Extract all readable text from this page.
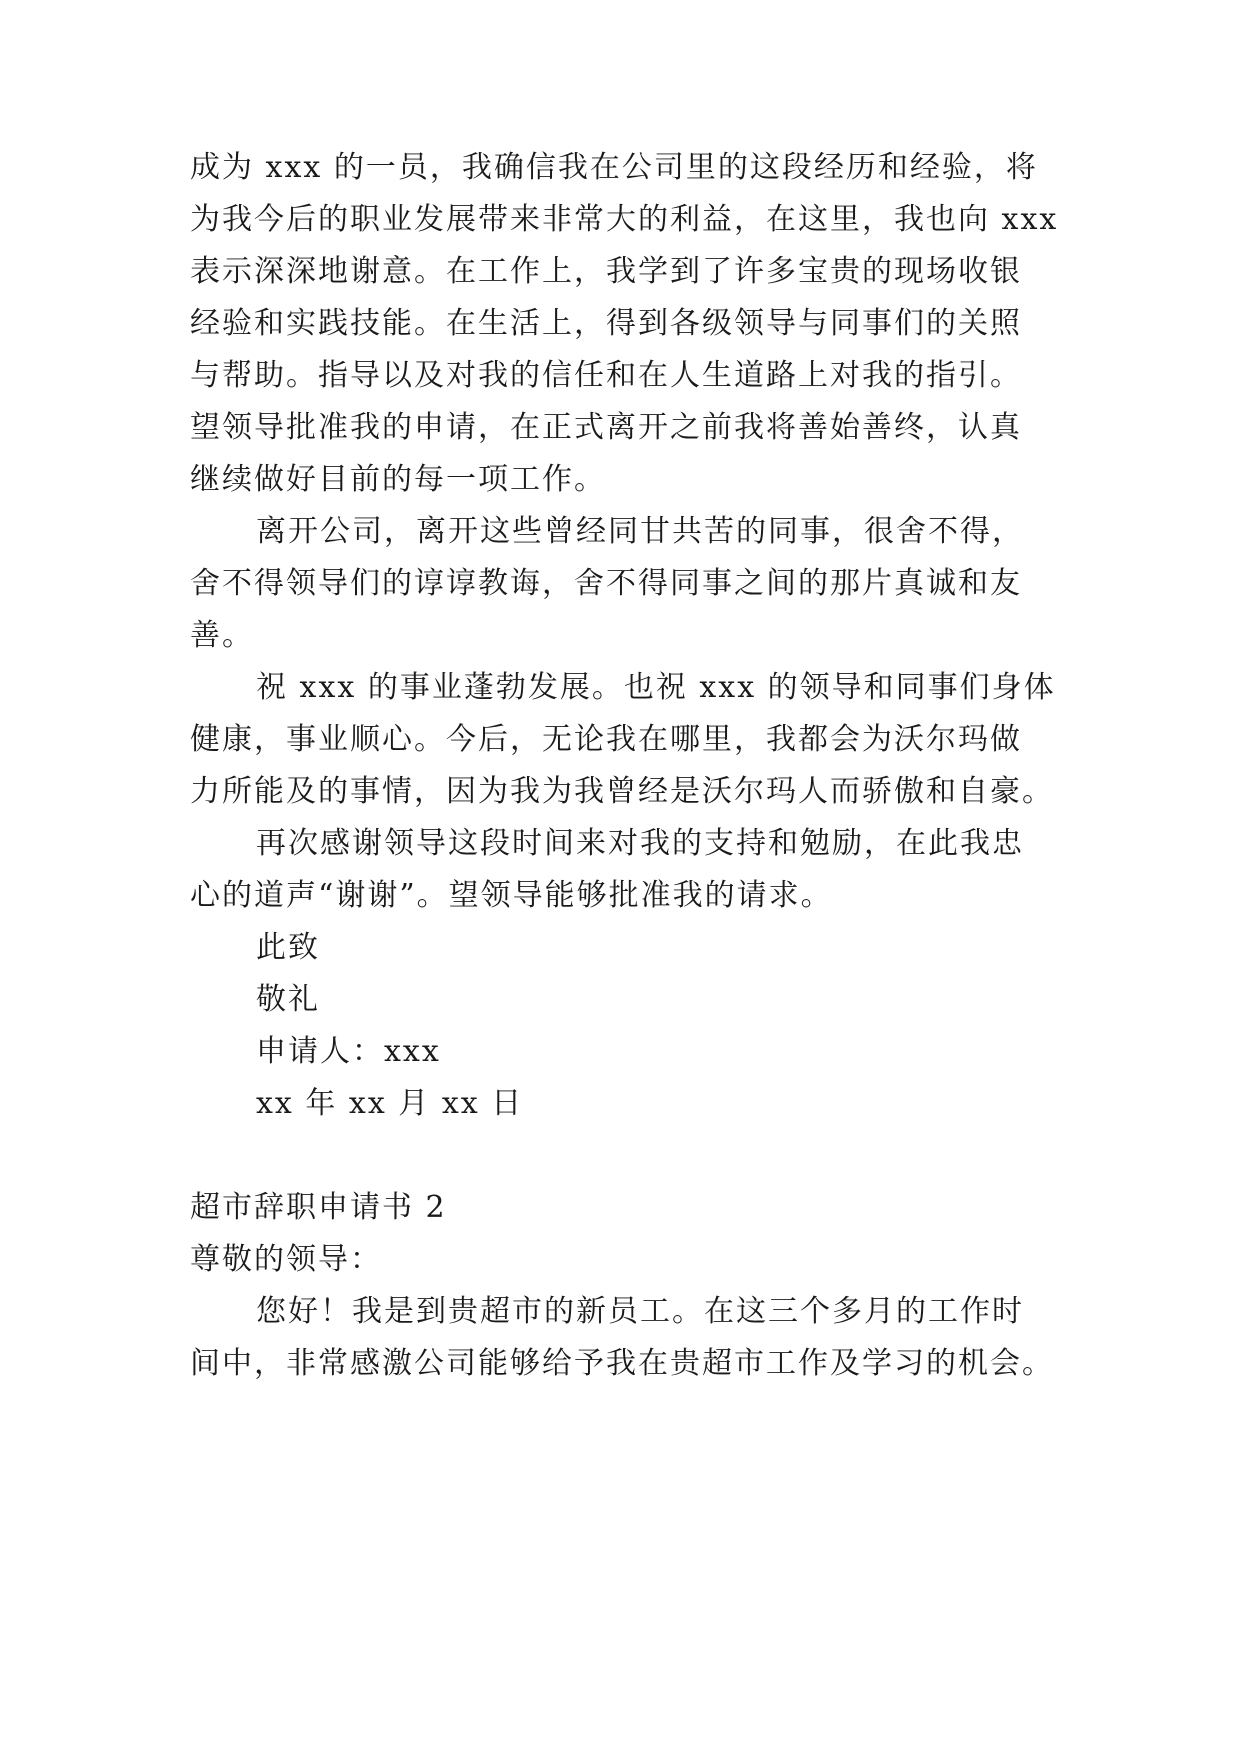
成为 xxx 的一员，我确信我在公司里的这段经历和经验，将
为我今后的职业发展带来非常大的利益，在这里，我也向 xxx
表示深深地谢意。在工作上，我学到了许多宝贵的现场收银
经验和实践技能。在生活上，得到各级领导与同事们的关照
与帮助。指导以及对我的信任和在人生道路上对我的指引。
望领导批准我的申请，在正式离开之前我将善始善终，认真
继续做好目前的每一项工作。
离开公司，离开这些曾经同甘共苦的同事，很舍不得，
舍不得领导们的谆谆教诲，舍不得同事之间的那片真诚和友
善。
祝 xxx 的事业蓬勃发展。也祝 xxx 的领导和同事们身体
健康，事业顺心。今后，无论我在哪里，我都会为沃尔玛做
力所能及的事情，因为我为我曾经是沃尔玛人而骄傲和自豪。
再次感谢领导这段时间来对我的支持和勉励，在此我忠
心的道声“谢谢”。望领导能够批准我的请求。
此致
敬礼
申请人：xxx
xx 年 xx 月 xx 日
超市辞职申请书 2
尊敬的领导：
您好！我是到贵超市的新员工。在这三个多月的工作时
间中，非常感激公司能够给予我在贵超市工作及学习的机会。
